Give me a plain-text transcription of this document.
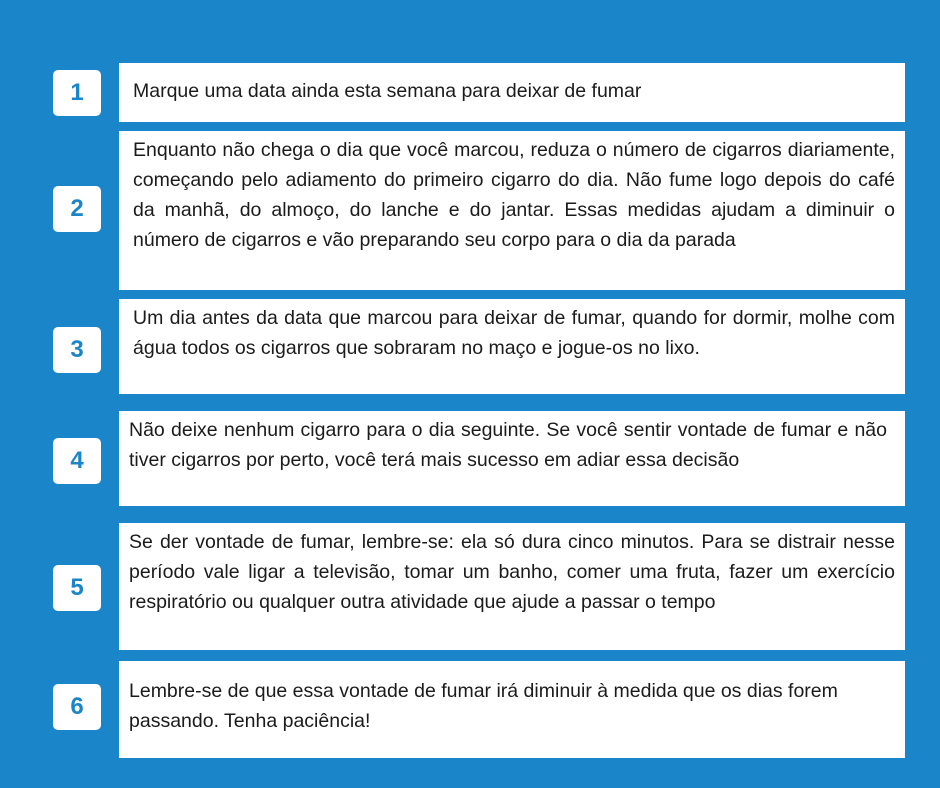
1	Marque uma data ainda esta semana para deixar de fumar

2

Enquanto não chega o dia que você marcou, reduza o número de cigarros diariamente, começando pelo adiamento do primeiro cigarro do dia. Não fume logo depois do café da manhã, do almoço, do lanche e do jantar. Essas medidas ajudam a diminuir o número de cigarros e vão preparando seu corpo para o dia da parada

3

Um dia antes da data que marcou para deixar de fumar, quando for dormir, molhe com água todos os cigarros que sobraram no maço e jogue-os no lixo.

4

Não deixe nenhum cigarro para o dia seguinte. Se você sentir vontade de fumar e não tiver cigarros por perto, você terá mais sucesso em adiar essa decisão

5

Se der vontade de fumar, lembre-se: ela só dura cinco minutos. Para se distrair nesse período vale ligar a televisão, tomar um banho, comer uma fruta, fazer um exercício respiratório ou qualquer outra atividade que ajude a passar o tempo

6

Lembre-se de que essa vontade de fumar irá diminuir à medida que os dias forem passando. Tenha paciência!
